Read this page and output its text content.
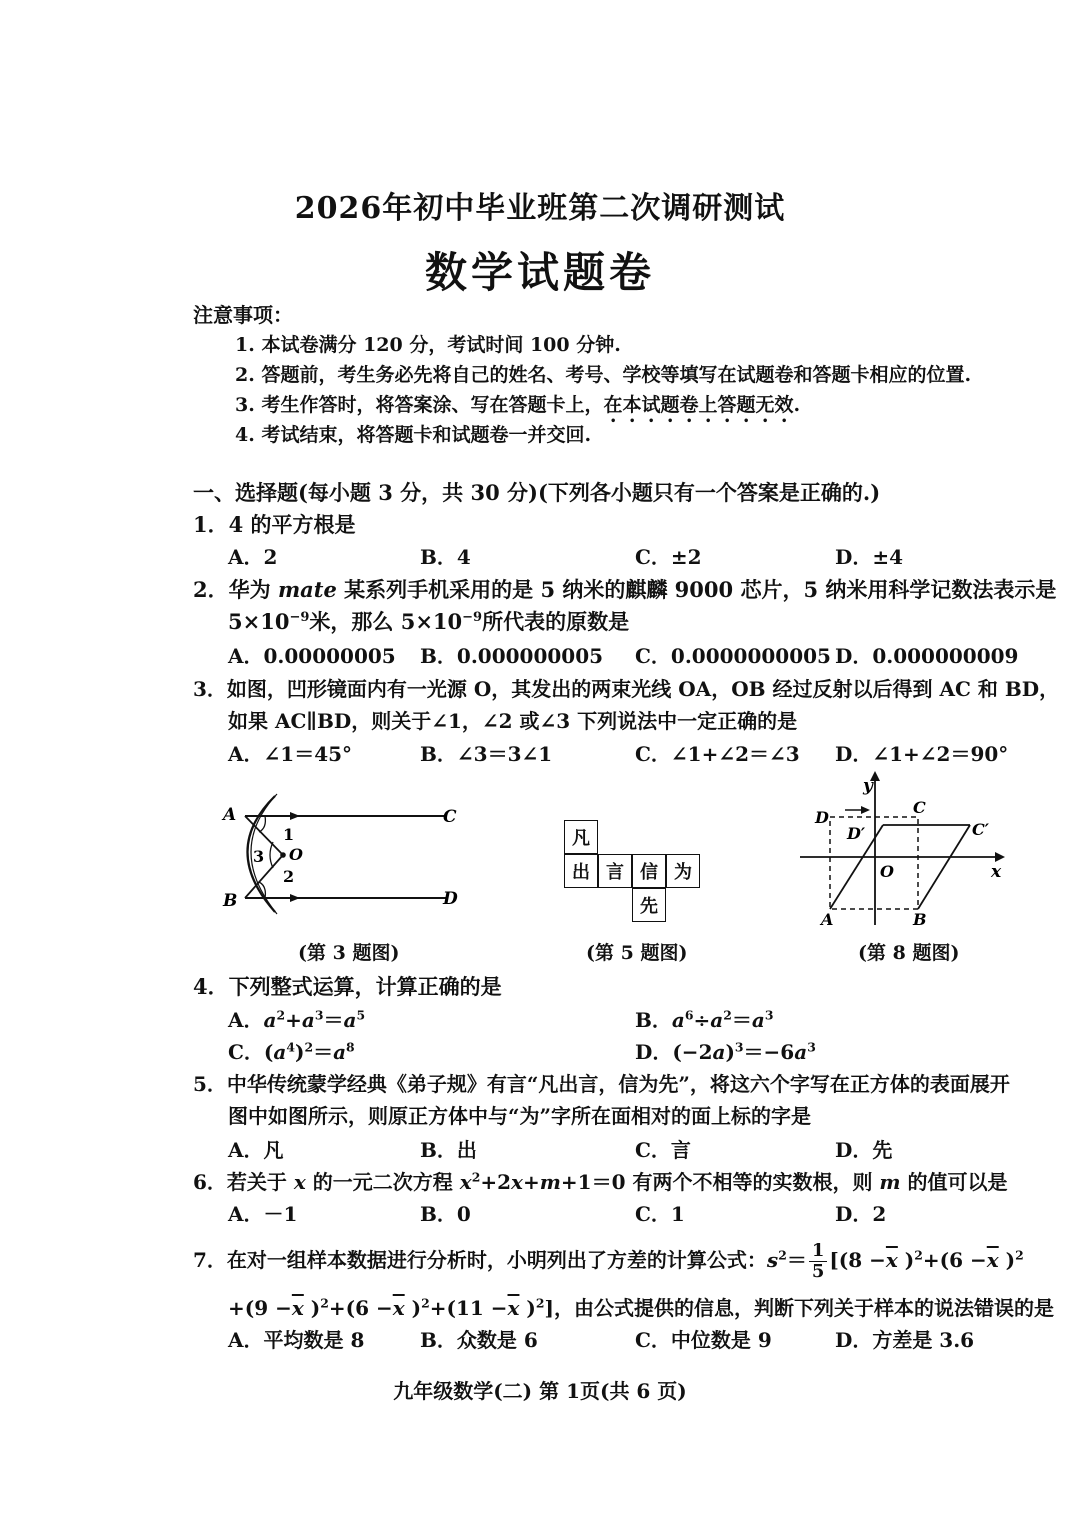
2026年初中毕业班第二次调研测试
数学试题卷
注意事项：
1. 本试卷满分 120 分，考试时间 100 分钟.
2. 答题前，考生务必先将自己的姓名、考号、学校等填写在试题卷和答题卡相应的位置.
3. 考生作答时，将答案涂、写在答题卡上，在本试题卷上答题无效.
4. 考试结束，将答题卡和试题卷一并交回.
一、选择题(每小题 3 分，共 30 分)(下列各小题只有一个答案是正确的.)
1．4 的平方根是
A．2	B．4	C．±2	D．±4
2．华为 mate 某系列手机采用的是 5 纳米的麒麟 9000 芯片，5 纳米用科学记数法表示是
$5\times 10^{-9}$米，那么 $5\times 10^{-9}$所代表的原数是
A．0.00000005 B．0.000000005 C．0.0000000005 D．0.000000009
3．如图，凹形镜面内有一光源 O，其发出的两束光线 OA，OB 经过反射以后得到 AC 和 BD，
如果 AC∥BD，则关于∠1，∠2 或∠3 下列说法中一定正确的是
A．∠1＝45°	B．∠3＝3∠1	C．∠1+∠2＝∠3 D．∠1+∠2＝90°
A
B
C
D
O
1
2
3
(第 3 题图)
凡
出 言 信 为
先
(第 5 题图)
y
x
O
A	B
C
D
C′
D′
(第 8 题图)
4．下列整式运算，计算正确的是
A．$a^2+a^3=a^5$	B．$a^6\div a^2=a^3$
C．$(a^4)^2=a^8$	D．$(-2a)^3=-6a^3$
5．中华传统蒙学经典《弟子规》有言“凡出言，信为先”，将这六个字写在正方体的表面展开
图中如图所示，则原正方体中与“为”字所在面相对的面上标的字是
A．凡	B．出	C．言	D．先
6．若关于 x 的一元二次方程 $x^2+2x+m+1=0$ 有两个不相等的实数根，则 m 的值可以是
A．－1	B．0	C．1	D．2
7．在对一组样本数据进行分析时，小明列出了方差的计算公式：$s^2= \frac{1}{5} [(8 -\overline{x}$ )$^2+(6 -\overline{x}$ )$^2$
$+(9 -\overline{x}$ )$^2+(6 -\overline{x}$ )$^2+(11 -\overline{x}$ )$^2$]，由公式提供的信息，判断下列关于样本的说法错误的是
A．平均数是 8	B．众数是 6	C．中位数是 9	D．方差是 3.6
九年级数学(二) 第 1页(共 6 页)
